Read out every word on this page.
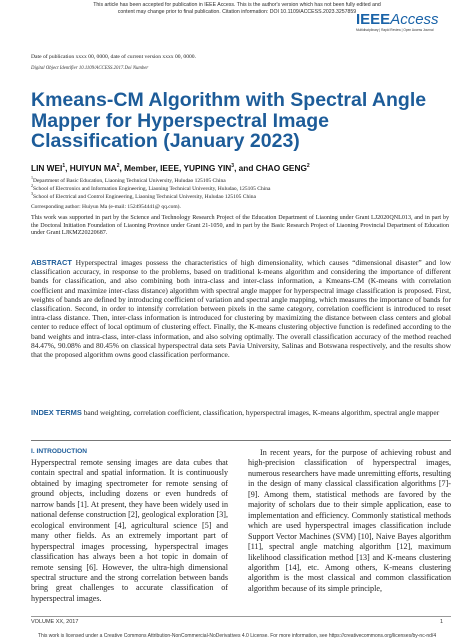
This article has been accepted for publication in IEEE Access. This is the author's version which has not been fully edited and
content may change prior to final publication. Citation information: DOI 10.1109/ACCESS.2023.3257859 IEEEAccess
Multidisciplinary | Rapid Review | Open Access Journal
Date of publication xxxx 00, 0000, date of current version xxxx 00, 0000.
Digital Object Identifier 10.1109/ACCESS.2017.Doi Number
Kmeans-CM Algorithm with Spectral Angle Mapper for Hyperspectral Image Classification (January 2023)
LIN WEI$^1$, HUIYUN $MA^2$, Member, IEEE, YUPING YIN$^3$, and CHAO GENG$^2$
$^1$Department of Basic Education, Liaoning Technical University, Huludao 125105 China
$^2$School of Electronics and Information Engineering, Liaoning Technical University, Huludao, 125105 China
$^3$School of Electrical and Control Engineering, Liaoning Technical University, Huludao 125105 China
Corresponding author: Huiyun Ma (e-mail: 1524954441@ qq.com).
This work was supported in part by the Science and Technology Research Project of the Education Department of Liaoning under Grant LJ2020QNL013, and in part by the Doctoral Initiation Foundation of Liaoning Province under Grant 21-1050, and in part by the Basic Research Project of Liaoning Provincial Department of Education under Grant LJKMZ20220687.
ABSTRACT Hyperspectral images possess the characteristics of high dimensionality, which causes “dimensional disaster” and low classification accuracy, in response to the problems, based on traditional k-means algorithm and considering the importance of different bands for classification, and also combining both intra-class and inter-class information, a Kmeans-CM (K-means with correlation coefficient and maximize inter-class distance) algorithm with spectral angle mapper for hyperspectral image classification is proposed. First, weights of bands are defined by introducing coefficient of variation and spectral angle mapping, which measures the importance of bands for classification. Second, in order to intensify correlation between pixels in the same category, correlation coefficient is introduced to reset intra-class distance. Then, inter-class information is introduced for clustering by maximizing the distance between class centers and global center to reduce effect of local optimum of clustering effect. Finally, the K-means clustering objective function is redefined according to the band weights and intra-class, inter-class information, and also solving optimally. The overall classification accuracy of the method reached 84.47%, 90.08% and 80.45% on classical hyperspectral data sets Pavia University, Salinas and Botswana respectively, and the results show that the proposed algorithm owns good classification performance.
INDEX TERMS band weighting, correlation coefficient, classification, hyperspectral images, K-means algorithm, spectral angle mapper
I. INTRODUCTION
Hyperspectral remote sensing images are data cubes that contain spectral and spatial information. It is continuously obtained by imaging spectrometer for remote sensing of ground objects, including dozens or even hundreds of narrow bands [1]. At present, they have been widely used in national defense construction [2], geological exploration [3], ecological environment [4], agricultural science [5] and many other fields. As an extremely important part of hyperspectral images processing, hyperspectral images classification has always been a hot topic in domain of remote sensing [6]. However, the ultra-high dimensional spectral structure and the strong correlation between bands bring great challenges to accurate classification of hyperspectral images.
In recent years, for the purpose of achieving robust and high-precision classification of hyperspectral images, numerous researchers have made unremitting efforts, resulting in the design of many classical classification algorithms [7]-[9]. Among them, statistical methods are favored by the majority of scholars due to their simple application, ease to implementation and efficiency. Commonly statistical methods which are used hyperspectral images classification include Support Vector Machines (SVM) [10], Naive Bayes algorithm [11], spectral angle matching algorithm [12], maximum likelihood classification method [13] and K-means clustering algorithm [14], etc. Among others, K-means clustering algorithm is the most classical and common classification algorithm because of its simple principle,
VOLUME XX, 2017	1
This work is licensed under a Creative Commons Attribution-NonCommercial-NoDerivatives 4.0 License. For more information, see https://creativecommons.org/licenses/by-nc-nd/4
